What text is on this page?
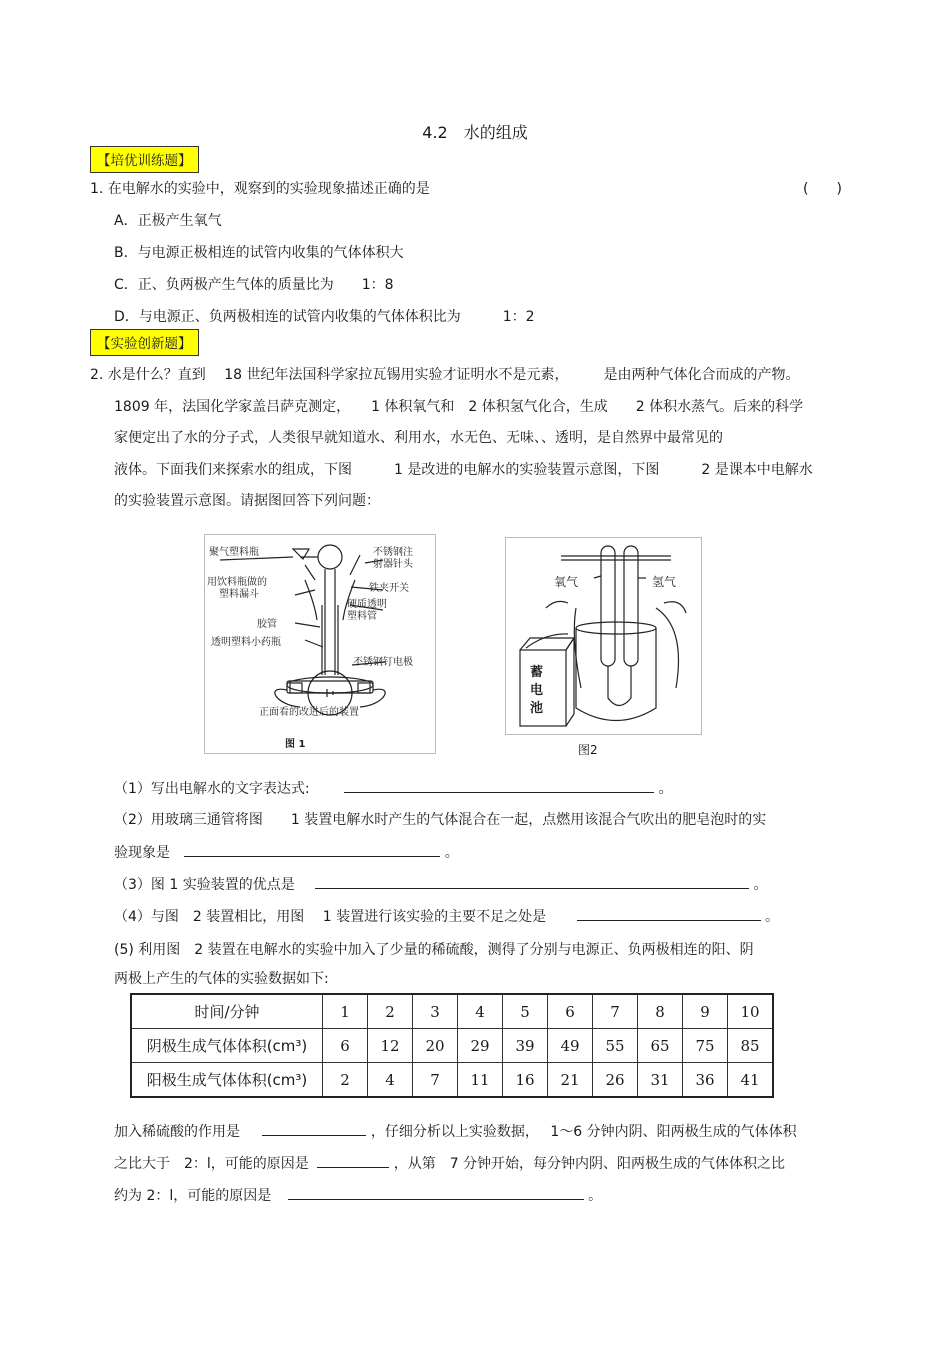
4.2　水的组成
【培优训练题】
1. 在电解水的实验中，观察到的实验现象描述正确的是	(　　)
A．正极产生氧气
B．与电源正极相连的试管内收集的气体体积大
C．正、负两极产生气体的质量比为　　1：8
D．与电源正、负两极相连的试管内收集的气体体积比为　　　1：2
【实验创新题】
2. 水是什么？直到　 18 世纪年法国科学家拉瓦锡用实验才证明水不是元素，　　　是由两种气体化合而成的产物。
1809 年，法国化学家盖吕萨克测定，　　1 体积氧气和　2 体积氢气化合，生成　　2 体积水蒸气。后来的科学
家便定出了水的分子式，人类很早就知道水、利用水，水无色、无味、、透明，是自然界中最常见的
液体。下面我们来探索水的组成，下图　　　1 是改进的电解水的实验装置示意图，下图　　　2 是课本中电解水
的实验装置示意图。请据图回答下列问题：
聚气塑料瓶	不锈钢注
射器针头
用饮料瓶做的
塑料漏斗
铁夹开关
硬质透明
塑料管
胶管
透明塑料小药瓶
不锈钢钉电极
正面看的改进后的装置
图 1
氧气	氢气
蓄
电
池
图2
（1）写出电解水的文字表达式:	。
（2）用玻璃三通管将图　　1 装置电解水时产生的气体混合在一起，点燃用该混合气吹出的肥皂泡时的实
验现象是	。
（3）图 1 实验装置的优点是	。
（4）与图　2 装置相比，用图　 1 装置进行该实验的主要不足之处是	。
(5) 利用图　2 装置在电解水的实验中加入了少量的稀硫酸，测得了分别与电源正、负两极相连的阳、阴
两极上产生的气体的实验数据如下:
时间/分钟	1	2	3	4	5	6	7	8	9	10
阴极生成气体体积(cm³)	6	12	20	29	39	49	55	65	75	85
阳极生成气体体积(cm³)	2	4	7	11	16	21	26	31	36	41
加入稀硫酸的作用是	，仔细分析以上实验数据，　 1～6 分钟内阴、阳两极生成的气体体积
之比大于　2：l，可能的原因是	，从第　7 分钟开始，每分钟内阴、阳两极生成的气体体积之比
约为 2：l，可能的原因是	。
